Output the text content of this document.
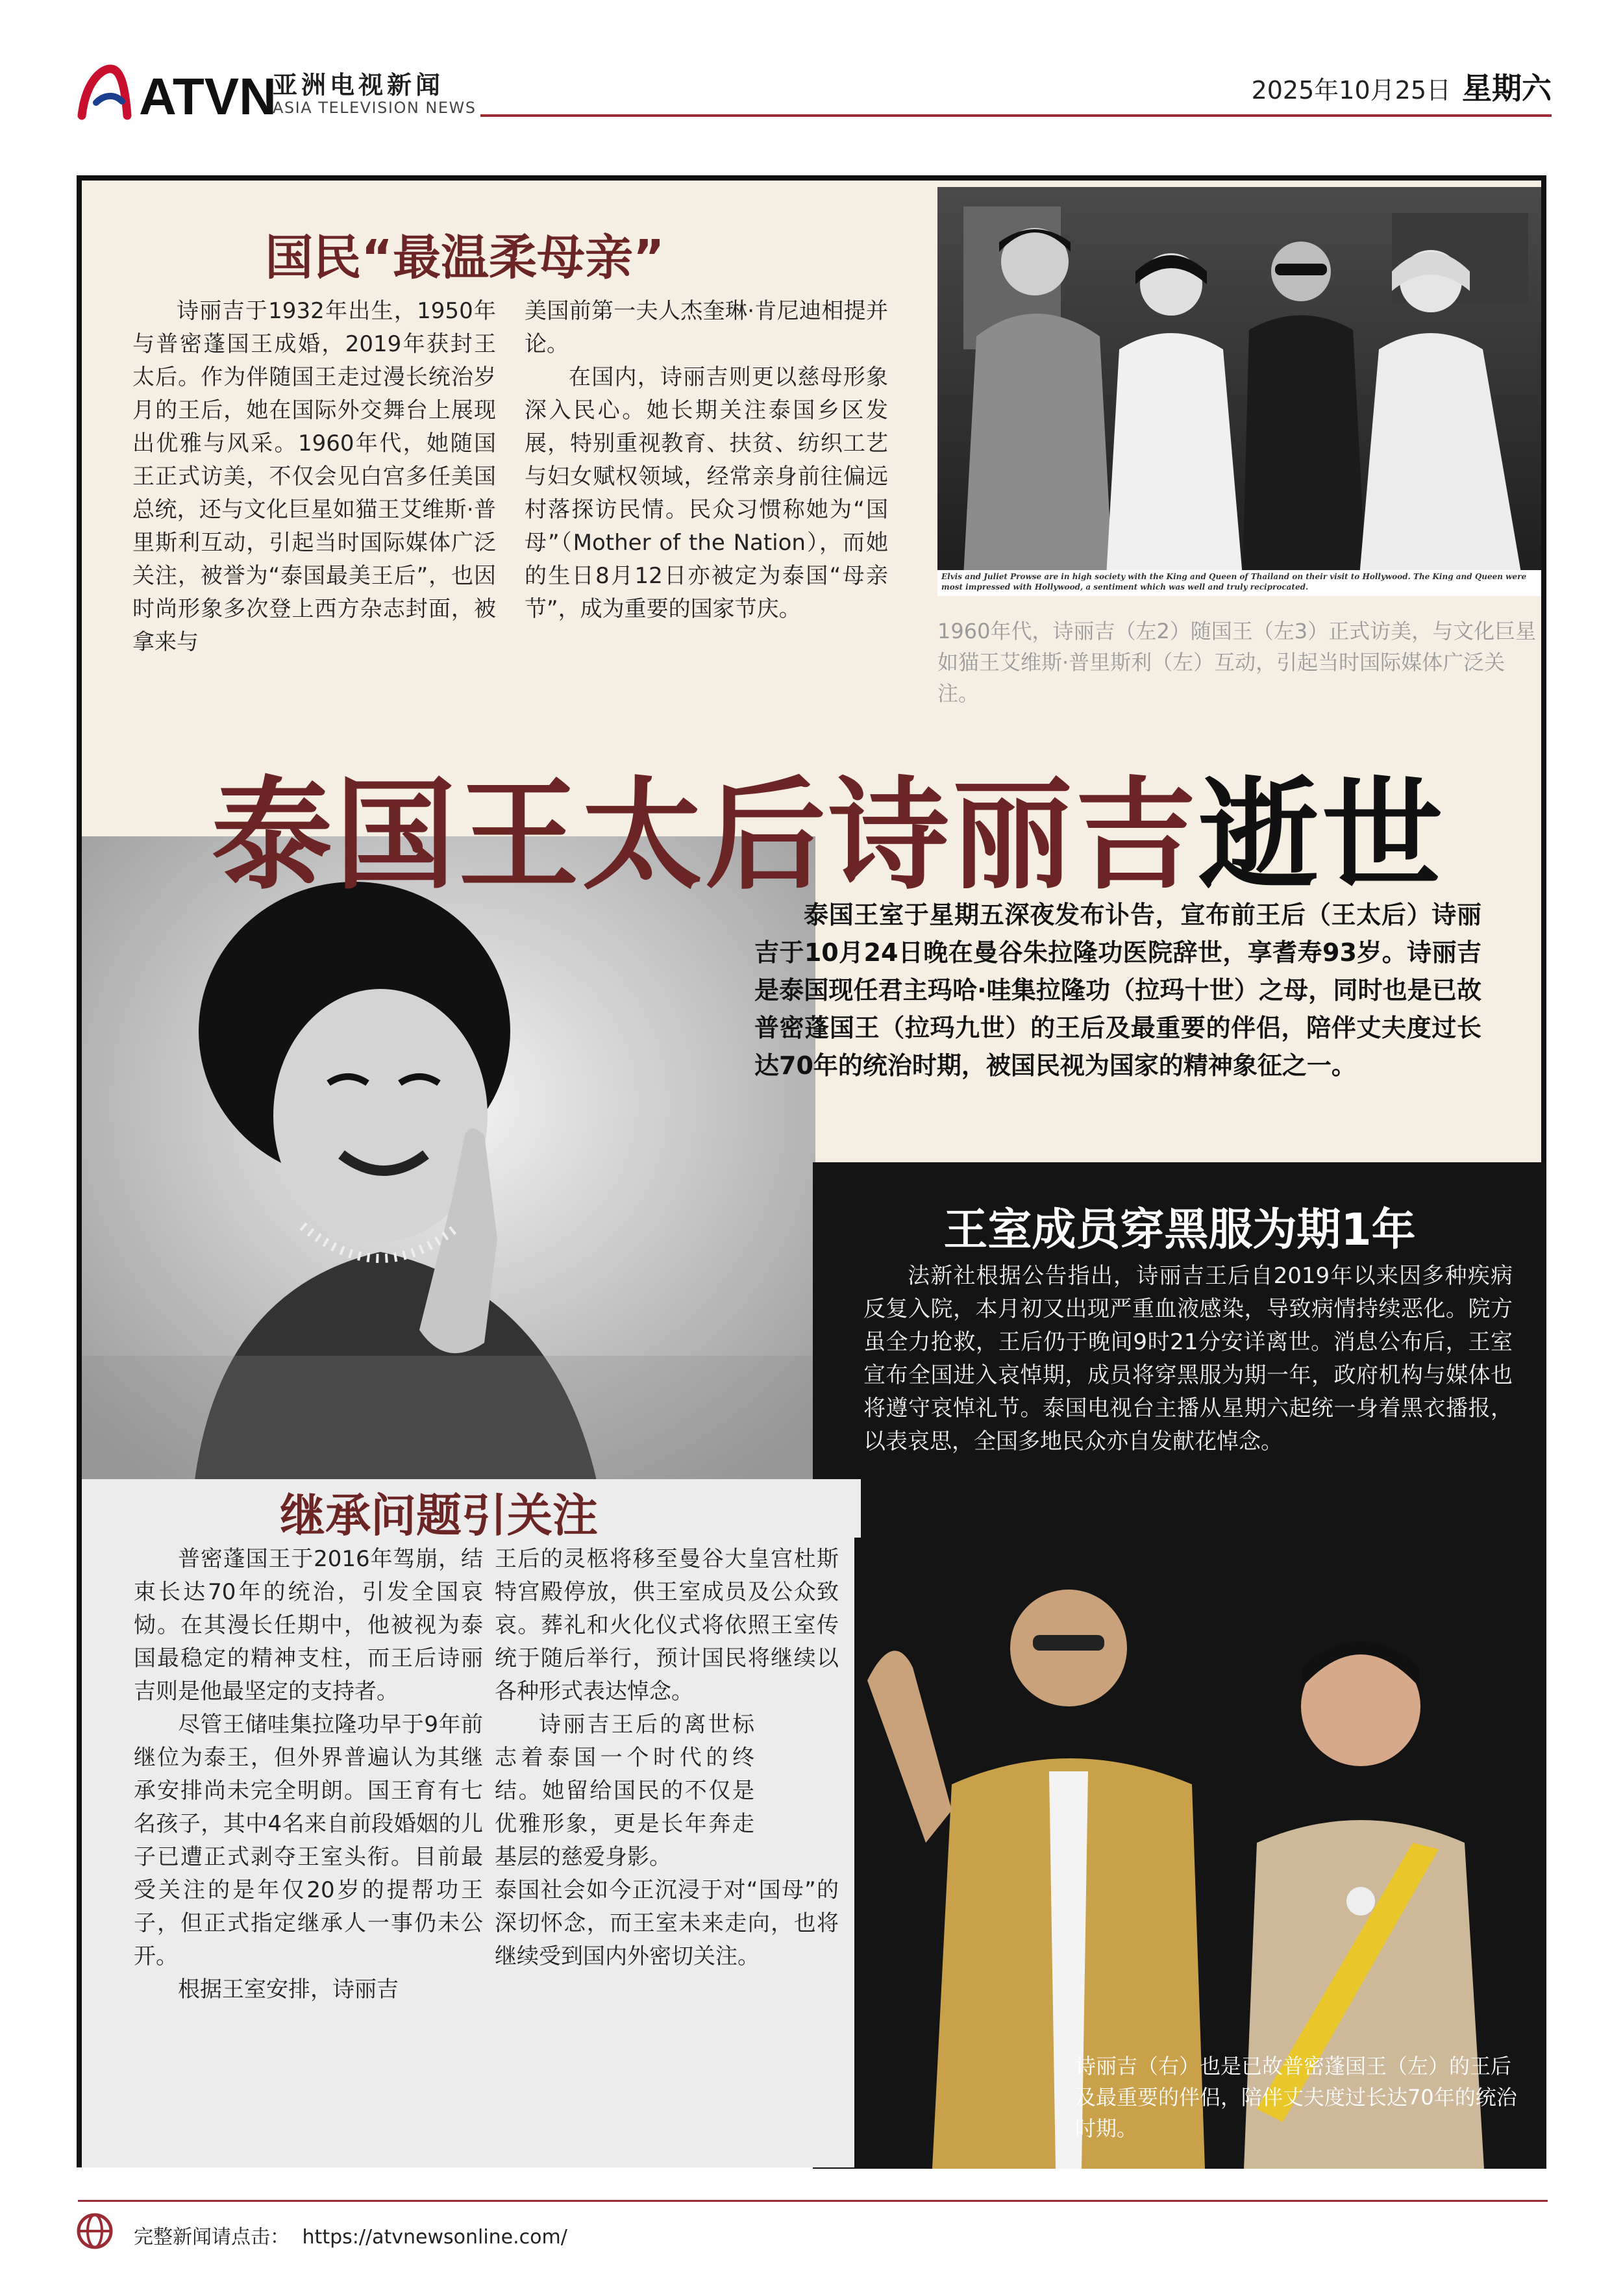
ATVN
亚洲电视新闻
ASIA TELEVISION NEWS
2025年10月25日 星期六
国民“最温柔母亲”

诗丽吉于1932年出生，1950年与普密蓬国王成婚，2019年获封王太后。作为伴随国王走过漫长统治岁月的王后，她在国际外交舞台上展现出优雅与风采。1960年代，她随国王正式访美，不仅会见白宫多任美国总统，还与文化巨星如猫王艾维斯·普里斯利互动，引起当时国际媒体广泛关注，被誉为“泰国最美王后”，也因时尚形象多次登上西方杂志封面，被拿来与

美国前第一夫人杰奎琳·肯尼迪相提并论。

在国内，诗丽吉则更以慈母形象深入民心。她长期关注泰国乡区发展，特别重视教育、扶贫、纺织工艺与妇女赋权领域，经常亲身前往偏远村落探访民情。民众习惯称她为“国母”（Mother of the Nation），而她的生日8月12日亦被定为泰国“母亲节”，成为重要的国家节庆。

Elvis and Juliet Prowse are in high society with the King and Queen of Thailand on their visit to Hollywood. The King and Queen were most impressed with Hollywood, a sentiment which was well and truly reciprocated.
1960年代，诗丽吉（左2）随国王（左3）正式访美，与文化巨星如猫王艾维斯·普里斯利（左）互动，引起当时国际媒体广泛关注。
泰国王太后诗丽吉逝世

泰国王室于星期五深夜发布讣告，宣布前王后（王太后）诗丽吉于10月24日晚在曼谷朱拉隆功医院辞世，享耆寿93岁。诗丽吉是泰国现任君主玛哈·哇集拉隆功（拉玛十世）之母，同时也是已故普密蓬国王（拉玛九世）的王后及最重要的伴侣，陪伴丈夫度过长达70年的统治时期，被国民视为国家的精神象征之一。

王室成员穿黑服为期1年

法新社根据公告指出，诗丽吉王后自2019年以来因多种疾病反复入院，本月初又出现严重血液感染，导致病情持续恶化。院方虽全力抢救，王后仍于晚间9时21分安详离世。消息公布后，王室宣布全国进入哀悼期，成员将穿黑服为期一年，政府机构与媒体也将遵守哀悼礼节。泰国电视台主播从星期六起统一身着黑衣播报，以表哀思，全国多地民众亦自发献花悼念。

继承问题引关注

普密蓬国王于2016年驾崩，结束长达70年的统治，引发全国哀恸。在其漫长任期中，他被视为泰国最稳定的精神支柱，而王后诗丽吉则是他最坚定的支持者。

尽管王储哇集拉隆功早于9年前继位为泰王，但外界普遍认为其继承安排尚未完全明朗。国王育有七名孩子，其中4名来自前段婚姻的儿子已遭正式剥夺王室头衔。目前最受关注的是年仅20岁的提帮功王子，但正式指定继承人一事仍未公开。

根据王室安排，诗丽吉

王后的灵柩将移至曼谷大皇宫杜斯特宫殿停放，供王室成员及公众致哀。葬礼和火化仪式将依照王室传统于随后举行，预计国民将继续以各种形式表达悼念。

诗丽吉王后的离世标志着泰国一个时代的终结。她留给国民的不仅是优雅形象，更是长年奔走基层的慈爱身影。

泰国社会如今正沉浸于对“国母”的深切怀念，而王室未来走向，也将继续受到国内外密切关注。

诗丽吉（右）也是已故普密蓬国王（左）的王后及最重要的伴侣，陪伴丈夫度过长达70年的统治时期。
完整新闻请点击： https://atvnewsonline.com/
